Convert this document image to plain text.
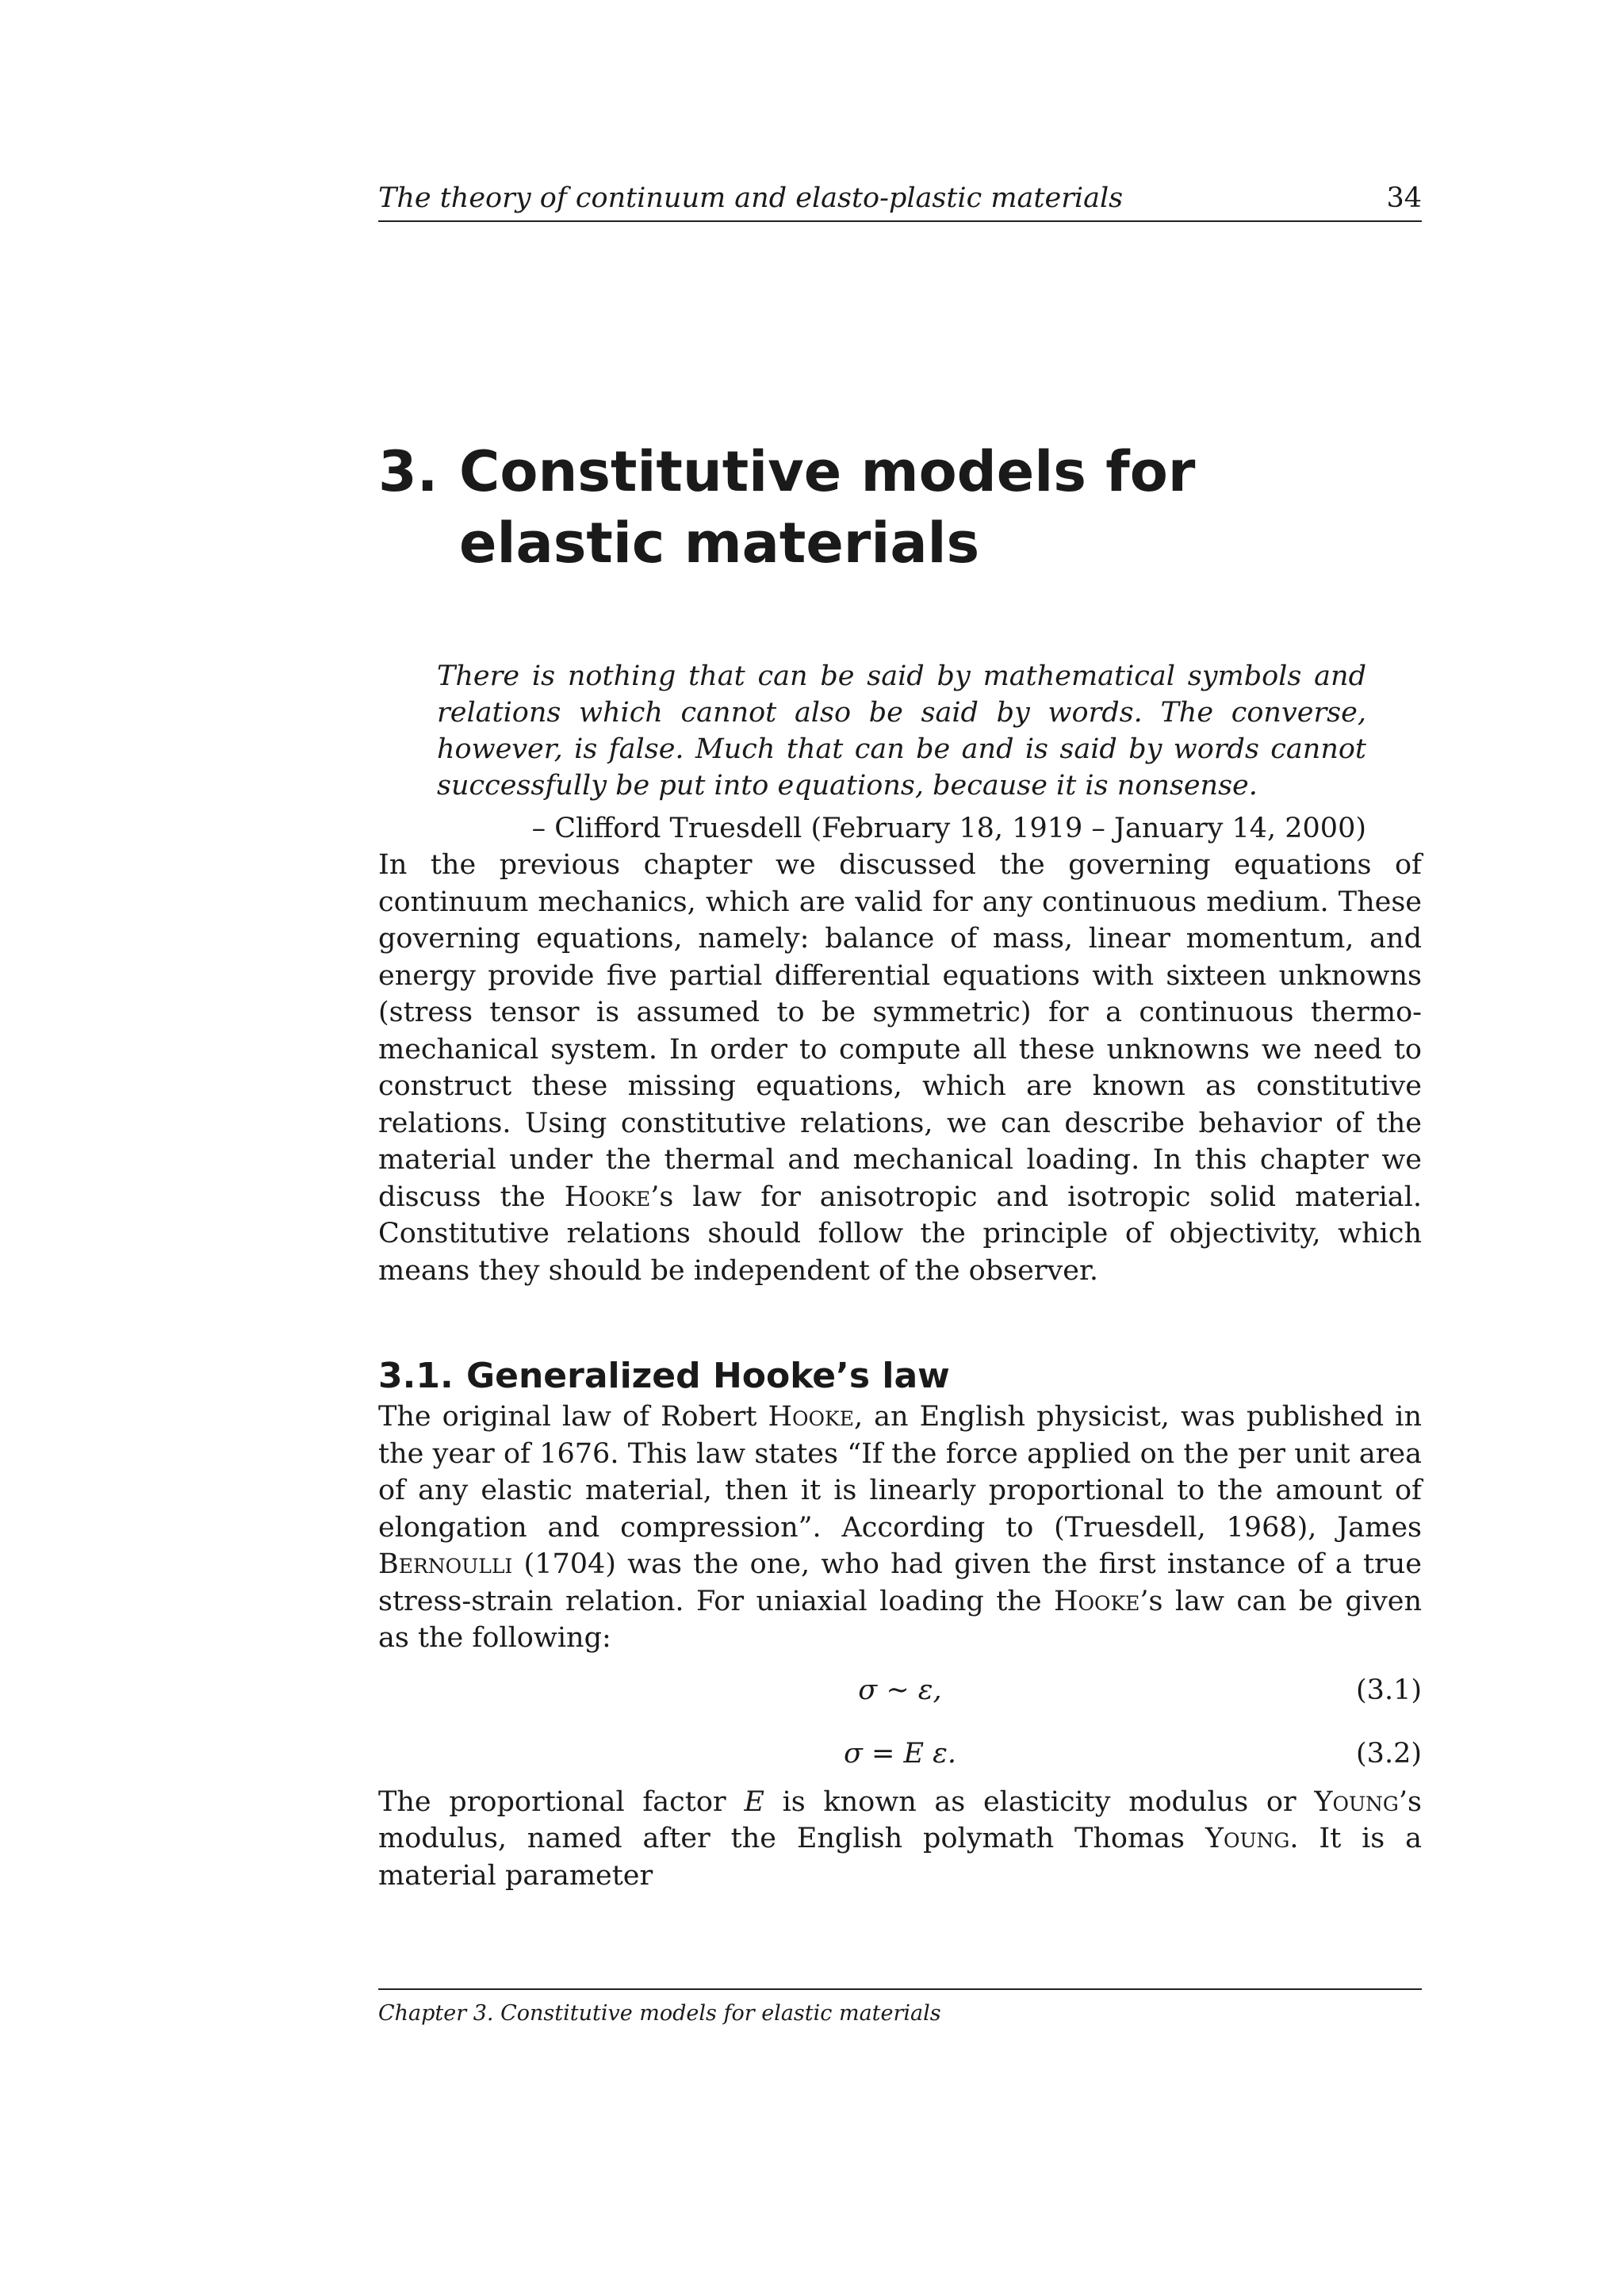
The theory of continuum and elasto-plastic materials	34
3. Constitutive models for elastic materials
There is nothing that can be said by mathematical symbols and relations which cannot also be said by words. The converse, however, is false. Much that can be and is said by words cannot successfully be put into equations, because it is nonsense.
– Clifford Truesdell (February 18, 1919 – January 14, 2000)

In the previous chapter we discussed the governing equations of continuum mechanics, which are valid for any continuous medium. These governing equations, namely: balance of mass, linear momentum, and energy provide five partial differential equations with sixteen unknowns (stress tensor is assumed to be symmetric) for a continuous thermo-mechanical system. In order to compute all these unknowns we need to construct these missing equations, which are known as constitutive relations. Using constitutive relations, we can describe behavior of the material under the thermal and mechanical loading. In this chapter we discuss the Hooke’s law for anisotropic and isotropic solid material. Constitutive relations should follow the principle of objectivity, which means they should be independent of the observer.

3.1. Generalized Hooke’s law

The original law of Robert Hooke, an English physicist, was published in the year of 1676. This law states “If the force applied on the per unit area of any elastic material, then it is linearly proportional to the amount of elongation and compression”. According to (Truesdell, 1968), James Bernoulli (1704) was the one, who had given the first instance of a true stress-strain relation. For uniaxial loading the Hooke’s law can be given as the following:

σ ∼ ε,	(3.1)
σ = E ε.	(3.2)

The proportional factor E is known as elasticity modulus or Young’s modulus, named after the English polymath Thomas Young. It is a material parameter

Chapter 3. Constitutive models for elastic materials
